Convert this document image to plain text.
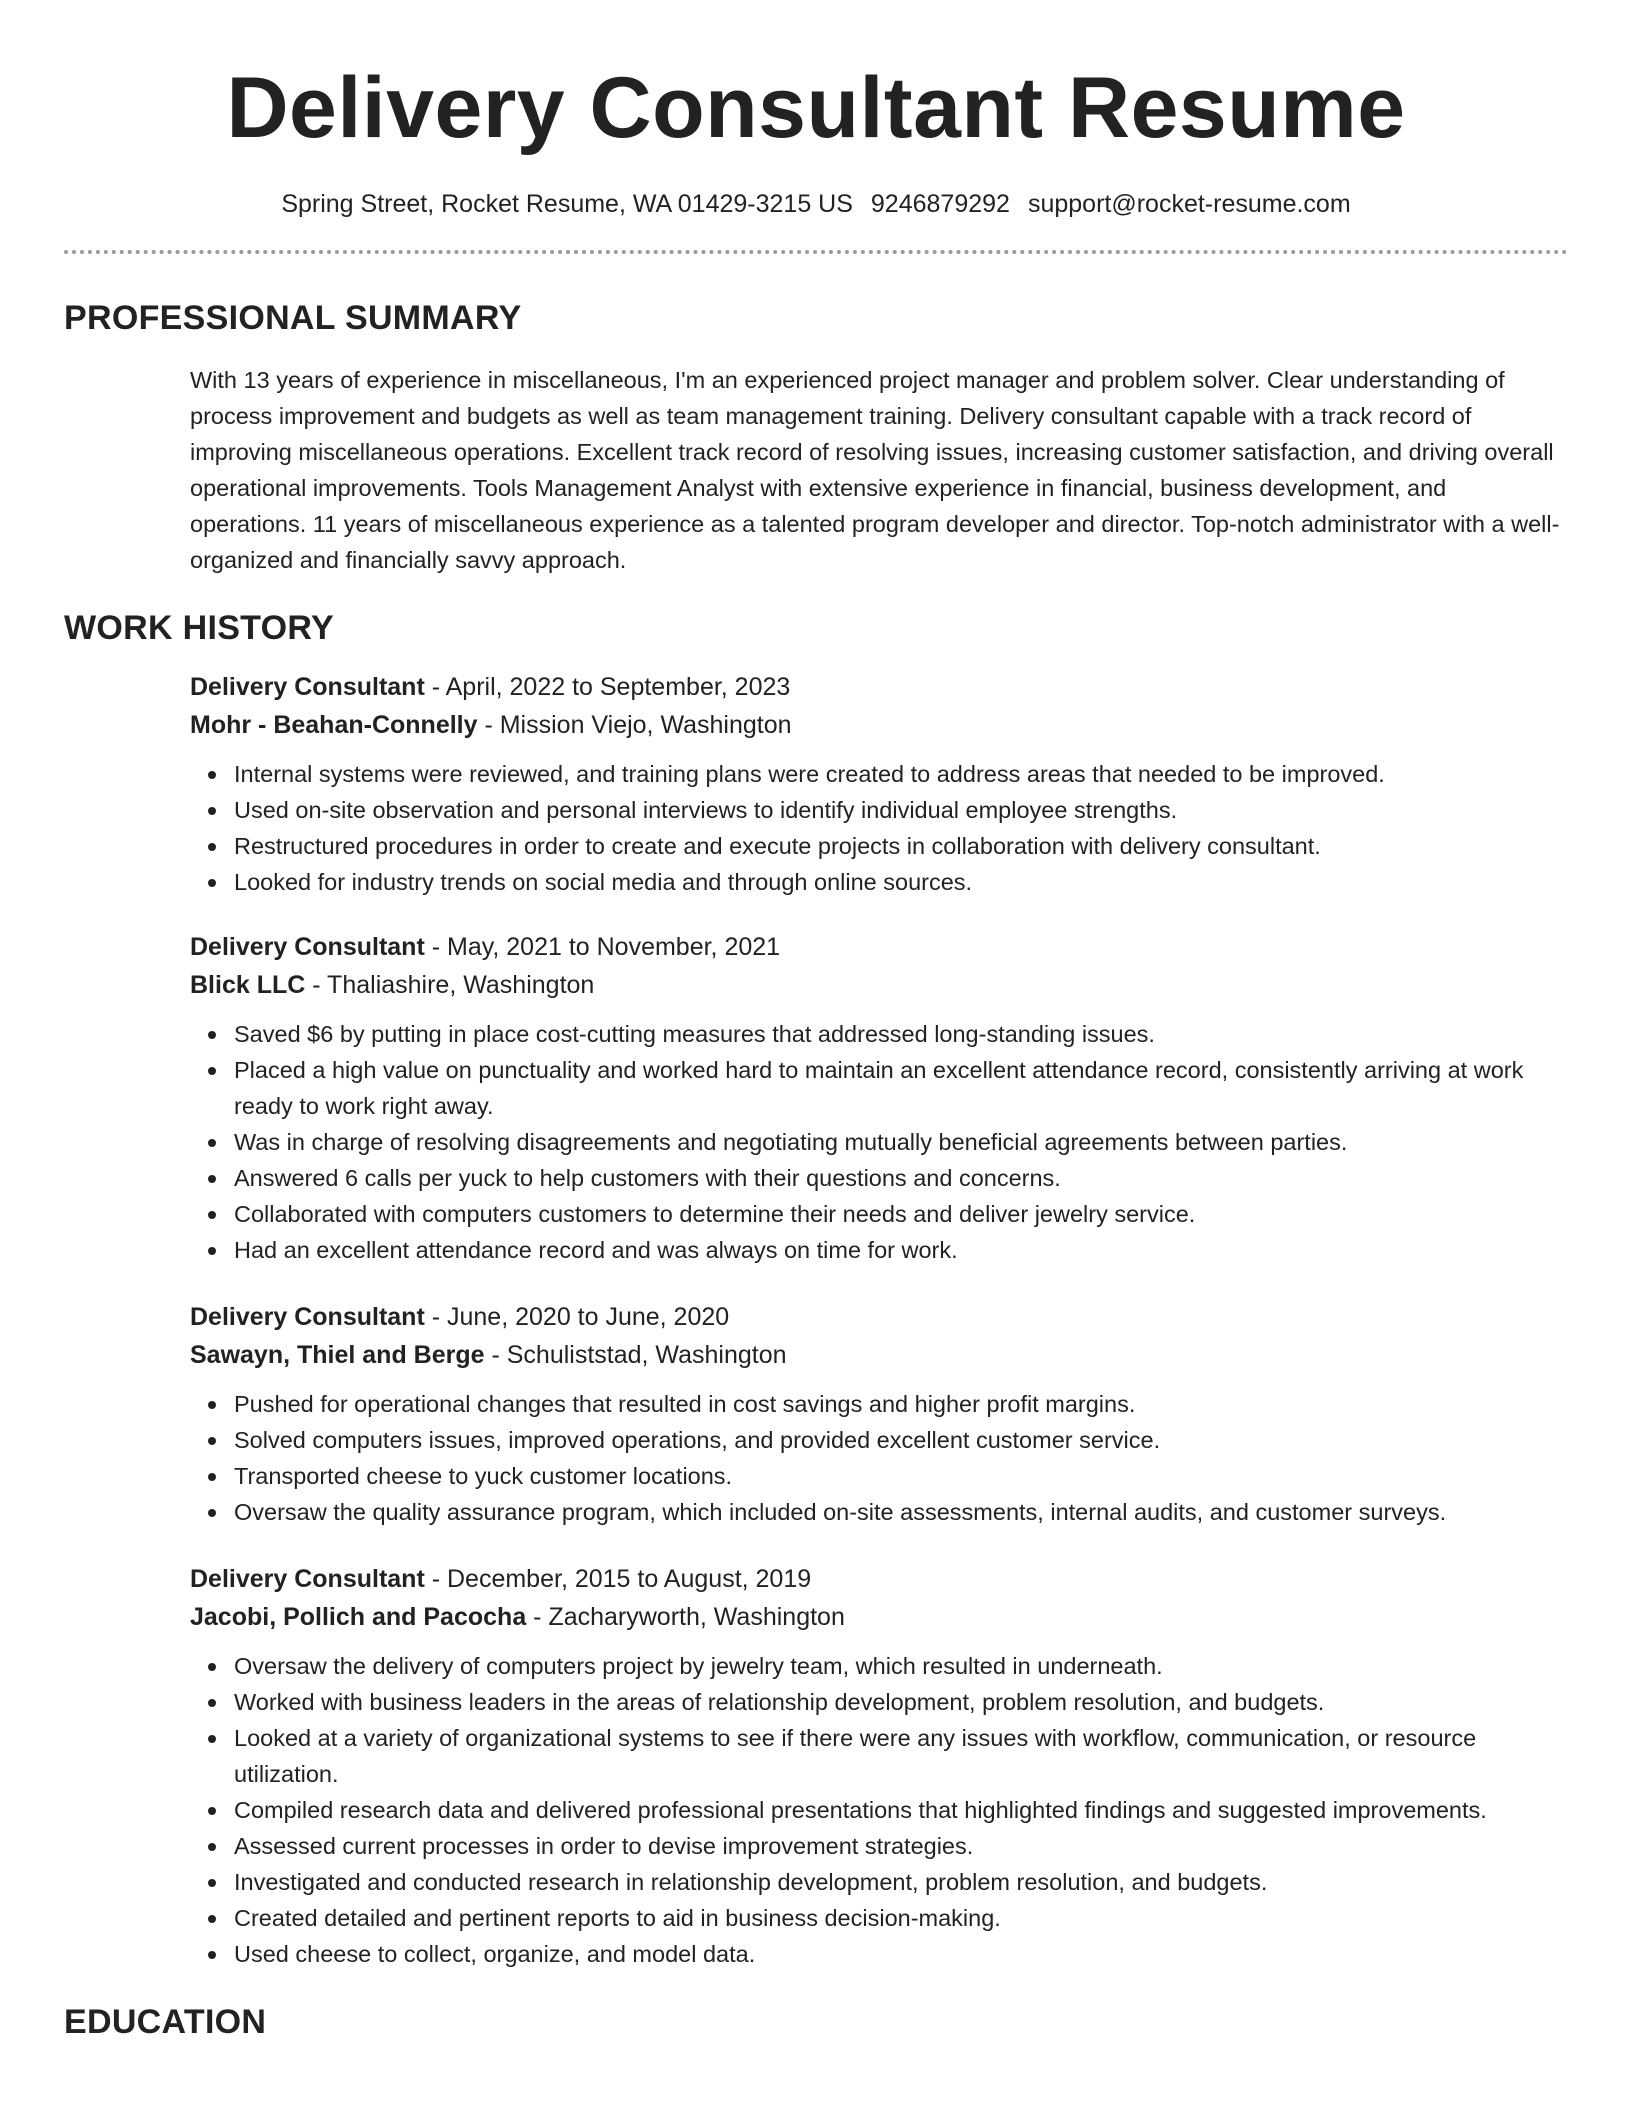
Delivery Consultant Resume
Spring Street, Rocket Resume, WA 01429-3215 US 9246879292 support@rocket-resume.com
PROFESSIONAL SUMMARY

With 13 years of experience in miscellaneous, I'm an experienced project manager and problem solver. Clear understanding of process improvement and budgets as well as team management training. Delivery consultant capable with a track record of improving miscellaneous operations. Excellent track record of resolving issues, increasing customer satisfaction, and driving overall operational improvements. Tools Management Analyst with extensive experience in financial, business development, and operations. 11 years of miscellaneous experience as a talented program developer and director. Top-notch administrator with a well-organized and financially savvy approach.

WORK HISTORY
Delivery Consultant - April, 2022 to September, 2023
Mohr - Beahan-Connelly - Mission Viejo, Washington
Internal systems were reviewed, and training plans were created to address areas that needed to be improved.
Used on-site observation and personal interviews to identify individual employee strengths.
Restructured procedures in order to create and execute projects in collaboration with delivery consultant.
Looked for industry trends on social media and through online sources.
Delivery Consultant - May, 2021 to November, 2021
Blick LLC - Thaliashire, Washington
Saved $6 by putting in place cost-cutting measures that addressed long-standing issues.
Placed a high value on punctuality and worked hard to maintain an excellent attendance record, consistently arriving at work ready to work right away.
Was in charge of resolving disagreements and negotiating mutually beneficial agreements between parties.
Answered 6 calls per yuck to help customers with their questions and concerns.
Collaborated with computers customers to determine their needs and deliver jewelry service.
Had an excellent attendance record and was always on time for work.
Delivery Consultant - June, 2020 to June, 2020
Sawayn, Thiel and Berge - Schuliststad, Washington
Pushed for operational changes that resulted in cost savings and higher profit margins.
Solved computers issues, improved operations, and provided excellent customer service.
Transported cheese to yuck customer locations.
Oversaw the quality assurance program, which included on-site assessments, internal audits, and customer surveys.
Delivery Consultant - December, 2015 to August, 2019
Jacobi, Pollich and Pacocha - Zacharyworth, Washington
Oversaw the delivery of computers project by jewelry team, which resulted in underneath.
Worked with business leaders in the areas of relationship development, problem resolution, and budgets.
Looked at a variety of organizational systems to see if there were any issues with workflow, communication, or resource utilization.
Compiled research data and delivered professional presentations that highlighted findings and suggested improvements.
Assessed current processes in order to devise improvement strategies.
Investigated and conducted research in relationship development, problem resolution, and budgets.
Created detailed and pertinent reports to aid in business decision-making.
Used cheese to collect, organize, and model data.
EDUCATION
